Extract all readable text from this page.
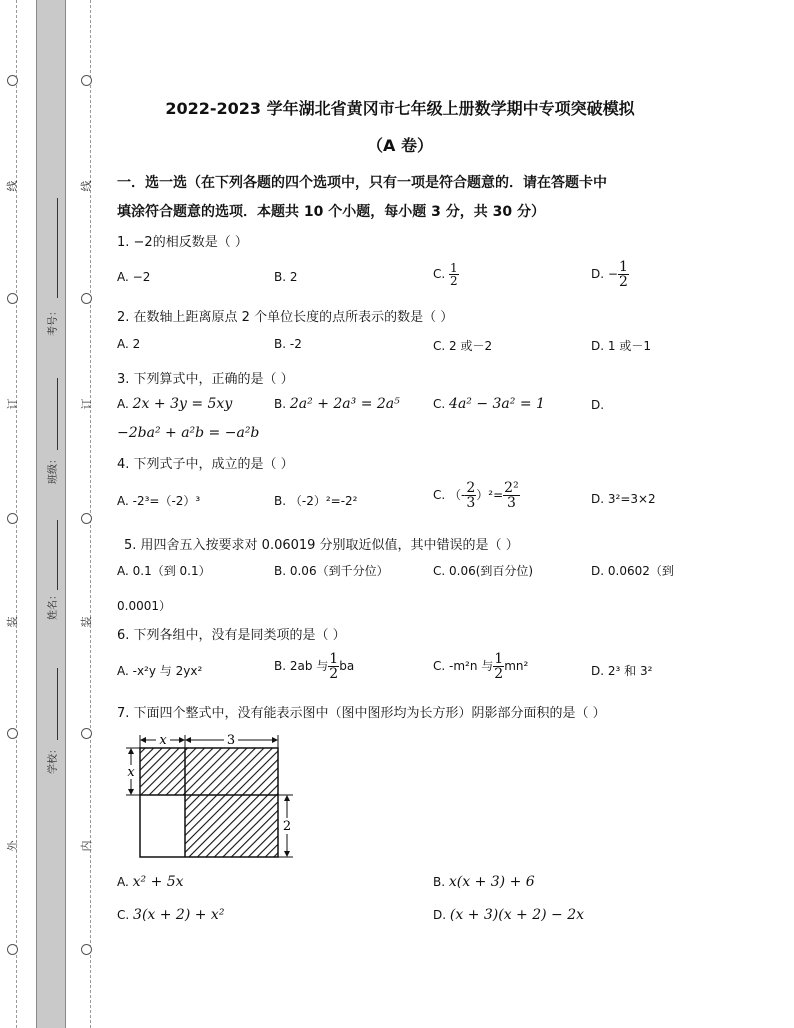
线
订
装
外
线
订
装
内
考号：
班级：
姓名：
学校：
2022-2023 学年湖北省黄冈市七年级上册数学期中专项突破模拟
（A 卷）
一．选一选（在下列各题的四个选项中，只有一项是符合题意的．请在答题卡中
填涂符合题意的选项．本题共 10 个小题，每小题 3 分，共 30 分）
1. −2的相反数是（ ）
A. −2	B. 2	C. $\frac{1}{2}$	D. − $\frac{1}{2}$
2. 在数轴上距离原点 2 个单位长度的点所表示的数是（ ）
A. 2	B. -2	C. 2 或－2	D. 1 或－1
3. 下列算式中，正确的是（ ）
A. 2x + 3y = 5xy	B. 2a² + 2a³ = 2a⁵	C. 4a² − 3a² = 1	D.
−2ba² + a²b = −a²b
4. 下列式子中，成立的是（ ）
A. -2³=（-2）³	B. （-2）²=-2²	C. （- $\frac{2}{3} )^2= \frac{\text{2²}}{3}$	D. 3²=3×2
5. 用四舍五入按要求对 0.06019 分别取近似值，其中错误的是（ ）
A. 0.1（到 0.1）	B. 0.06（到千分位）	C. 0.06(到百分位)	D. 0.0602（到
0.0001）
6. 下列各组中，没有是同类项的是（ ）
A. -x²y 与 2yx²	B. 2ab 与 $\frac{1}{2}$ ba	C. -m²n 与 $\frac{1}{2} mn^2$	D. 2³ 和 3²
7. 下面四个整式中，没有能表示图中（图中图形均为长方形）阴影部分面积的是（ ）
x	3
x
2
A. x² + 5x	B. x(x + 3) + 6
C. 3(x + 2) + x²	D. (x + 3)(x + 2) − 2x
